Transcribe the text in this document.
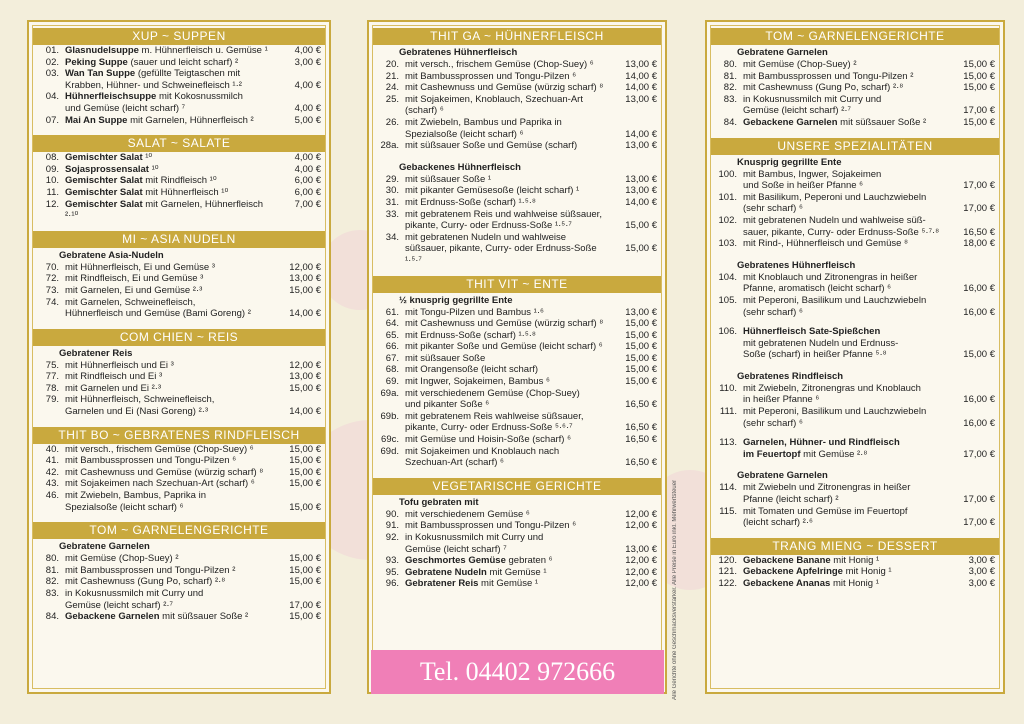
XUP ~ SUPPEN
01. Glasnudelsuppe m. Hühnerfleisch u. Gemüse ¹	4,00 €
02. Peking Suppe (sauer und leicht scharf) ²	3,00 €
03. Wan Tan Suppe (gefüllte Teigtaschen mit
Krabben, Hühner- und Schweinefleisch ¹·²	4,00 €
04. Hühnerfleischsuppe mit Kokosnussmilch
und Gemüse (leicht scharf) ⁷	4,00 €
07. Mai An Suppe mit Garnelen, Hühnerfleisch ²	5,00 €
SALAT ~ SALATE
08. Gemischter Salat ¹⁰	4,00 €
09. Sojasprossensalat ¹⁰	4,00 €
10. Gemischter Salat mit Rindfleisch ¹⁰	6,00 €
11. Gemischter Salat mit Hühnerfleisch ¹⁰	6,00 €
12. Gemischter Salat mit Garnelen, Hühnerfleisch ²·¹⁰
7,00 €
MI ~ ASIA NUDELN
Gebratene Asia-Nudeln
70. mit Hühnerfleisch, Ei und Gemüse ³	12,00 €
72. mit Rindfleisch, Ei und Gemüse ³	13,00 €
73. mit Garnelen, Ei und Gemüse ²·³	15,00 €
74. mit Garnelen, Schweinefleisch,
Hühnerfleisch und Gemüse (Bami Goreng) ²	14,00 €
COM CHIEN ~ REIS
Gebratener Reis
75. mit Hühnerfleisch und Ei ³	12,00 €
77. mit Rindfleisch und Ei ³	13,00 €
78. mit Garnelen und Ei ²·³	15,00 €
79. mit Hühnerfleisch, Schweinefleisch,
Garnelen und Ei (Nasi Goreng) ²·³	14,00 €
THIT BO ~ GEBRATENES RINDFLEISCH
40. mit versch., frischem Gemüse (Chop-Suey) ⁶	15,00 €
41. mit Bambussprossen und Tongu-Pilzen ⁶	15,00 €
42. mit Cashewnuss und Gemüse (würzig scharf) ⁸	15,00 €
43. mit Sojakeimen nach Szechuan-Art (scharf) ⁶	15,00 €
46. mit Zwiebeln, Bambus, Paprika in
Spezialsoße (leicht scharf) ⁶	15,00 €
TOM ~ GARNELENGERICHTE
Gebratene Garnelen
80. mit Gemüse (Chop-Suey) ²	15,00 €
81. mit Bambussprossen und Tongu-Pilzen ²	15,00 €
82. mit Cashewnuss (Gung Po, scharf) ²·⁸	15,00 €
83. in Kokusnussmilch mit Curry und
Gemüse (leicht scharf) ²·⁷	17,00 €
84. Gebackene Garnelen mit süßsauer Soße ²	15,00 €
THIT GA ~ HÜHNERFLEISCH
Gebratenes Hühnerfleisch
20. mit versch., frischem Gemüse (Chop-Suey) ⁶	13,00 €
21. mit Bambussprossen und Tongu-Pilzen ⁶	14,00 €
24. mit Cashewnuss und Gemüse (würzig scharf) ⁸	14,00 €
25. mit Sojakeimen, Knoblauch, Szechuan-Art (scharf) ⁶
13,00 €
26. mit Zwiebeln, Bambus und Paprika in
Spezialsoße (leicht scharf) ⁶	14,00 €
28a. mit süßsauer Soße und Gemüse (scharf)	13,00 €
Gebackenes Hühnerfleisch
29. mit süßsauer Soße ¹	13,00 €
30. mit pikanter Gemüsesoße (leicht scharf) ¹	13,00 €
31. mit Erdnuss-Soße (scharf) ¹·⁵·⁸	14,00 €
33. mit gebratenem Reis und wahlweise süßsauer,
pikante, Curry- oder Erdnuss-Soße ¹·⁵·⁷	15,00 €
34. mit gebratenen Nudeln und wahlweise
süßsauer, pikante, Curry- oder Erdnuss-Soße ¹·⁵·⁷
15,00 €
THIT VIT ~ ENTE
½ knusprig gegrillte Ente
61. mit Tongu-Pilzen und Bambus ¹·⁶	13,00 €
64. mit Cashewnuss und Gemüse (würzig scharf) ⁸	15,00 €
65. mit Erdnuss-Soße (scharf) ¹·⁵·⁸	15,00 €
66. mit pikanter Soße und Gemüse (leicht scharf) ⁶	15,00 €
67. mit süßsauer Soße	15,00 €
68. mit Orangensoße (leicht scharf)	15,00 €
69. mit Ingwer, Sojakeimen, Bambus ⁶	15,00 €
69a. mit verschiedenem Gemüse (Chop-Suey)
und pikanter Soße ⁶	16,50 €
69b. mit gebratenem Reis wahlweise süßsauer,
pikante, Curry- oder Erdnuss-Soße ⁵·⁶·⁷	16,50 €
69c. mit Gemüse und Hoisin-Soße (scharf) ⁶	16,50 €
69d. mit Sojakeimen und Knoblauch nach
Szechuan-Art (scharf) ⁶	16,50 €
VEGETARISCHE GERICHTE
Tofu gebraten mit
90. mit verschiedenem Gemüse ⁶	12,00 €
91. mit Bambussprossen und Tongu-Pilzen ⁶	12,00 €
92. in Kokusnussmilch mit Curry und
Gemüse (leicht scharf) ⁷	13,00 €
93. Geschmortes Gemüse gebraten ⁶	12,00 €
95. Gebratene Nudeln mit Gemüse ¹	12,00 €
96. Gebratener Reis mit Gemüse ¹	12,00 €
TOM ~ GARNELENGERICHTE
Gebratene Garnelen
80. mit Gemüse (Chop-Suey) ²	15,00 €
81. mit Bambussprossen und Tongu-Pilzen ²	15,00 €
82. mit Cashewnuss (Gung Po, scharf) ²·⁸	15,00 €
83. in Kokusnussmilch mit Curry und
Gemüse (leicht scharf) ²·⁷	17,00 €
84. Gebackene Garnelen mit süßsauer Soße ²	15,00 €
UNSERE SPEZIALITÄTEN
Knusprig gegrillte Ente
100. mit Bambus, Ingwer, Sojakeimen
und Soße in heißer Pfanne ⁶	17,00 €
101. mit Basilikum, Peperoni und Lauchzwiebeln
(sehr scharf) ⁶	17,00 €
102. mit gebratenen Nudeln und wahlweise süß-
sauer, pikante, Curry- oder Erdnuss-Soße ⁵·⁷·⁸	16,50 €
103. mit Rind-, Hühnerfleisch und Gemüse ⁸	18,00 €
Gebratenes Hühnerfleisch
104. mit Knoblauch und Zitronengras in heißer
Pfanne, aromatisch (leicht scharf) ⁶	16,00 €
105. mit Peperoni, Basilikum und Lauchzwiebeln
(sehr scharf) ⁶	16,00 €
106. Hühnerfleisch Sate-Spießchen
mit gebratenen Nudeln und Erdnuss-
Soße (scharf) in heißer Pfanne ⁵·⁸	15,00 €
Gebratenes Rindfleisch
110. mit Zwiebeln, Zitronengras und Knoblauch
in heißer Pfanne ⁶	16,00 €
111. mit Peperoni, Basilikum und Lauchzwiebeln
(sehr scharf) ⁶	16,00 €
113. Garnelen, Hühner- und Rindfleisch
im Feuertopf mit Gemüse ²·⁸	17,00 €
Gebratene Garnelen
114. mit Zwiebeln und Zitronengras in heißer
Pfanne (leicht scharf) ²	17,00 €
115. mit Tomaten und Gemüse im Feuertopf
(leicht scharf) ²·⁶	17,00 €
TRANG MIENG ~ DESSERT
120. Gebackene Banane mit Honig ¹	3,00 €
121. Gebackene Apfelringe mit Honig ¹	3,00 €
122. Gebackene Ananas mit Honig ¹	3,00 €
Tel. 04402 972666	Alle Gerichte ohne Geschmacksverstärker. Alle Preise in Euro inkl. Mehrwertsteuer
